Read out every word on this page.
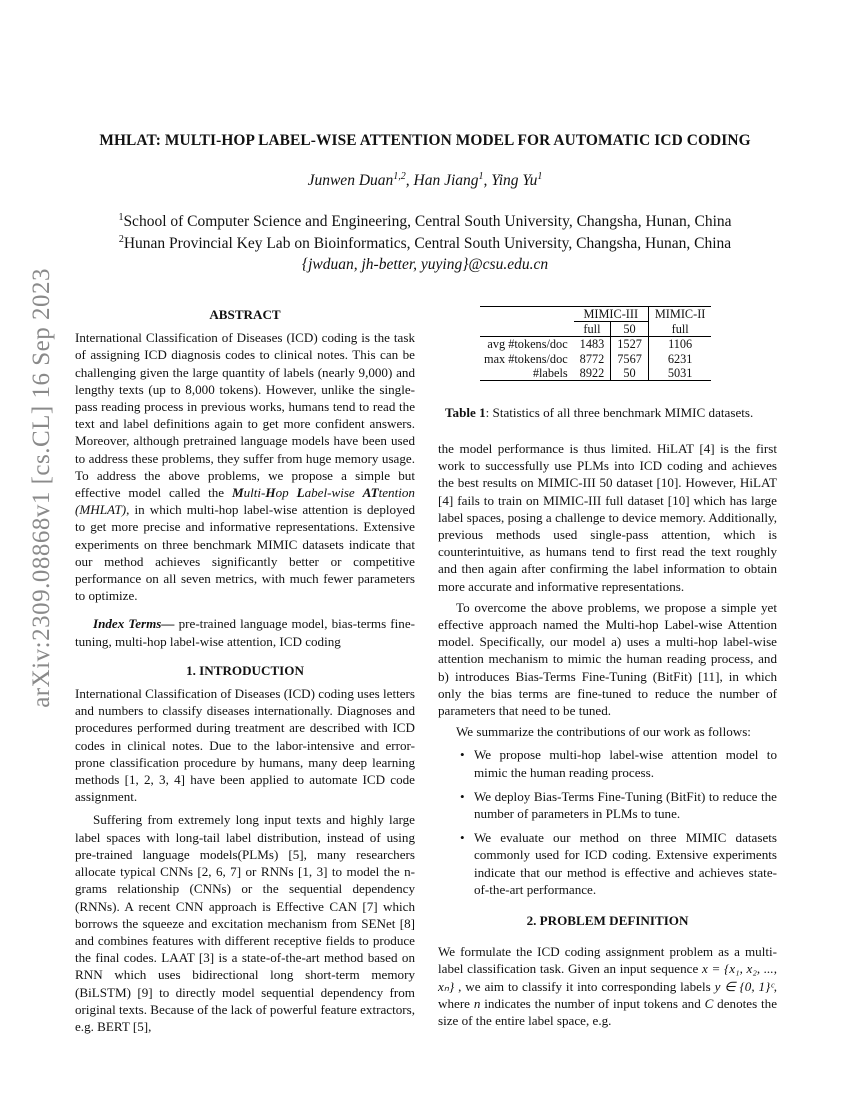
arXiv:2309.08868v1 [cs.CL] 16 Sep 2023
MHLAT: MULTI-HOP LABEL-WISE ATTENTION MODEL FOR AUTOMATIC ICD CODING
Junwen Duan$^{1,2}$, Han Jiang$^1$, Ying Yu$^1$
$^1$School of Computer Science and Engineering, Central South University, Changsha, Hunan, China
$^2$Hunan Provincial Key Lab on Bioinformatics, Central South University, Changsha, Hunan, China
{jwduan, jh-better, yuying}@csu.edu.cn

ABSTRACT

International Classification of Diseases (ICD) coding is the task of assigning ICD diagnosis codes to clinical notes. This can be challenging given the large quantity of labels (nearly 9,000) and lengthy texts (up to 8,000 tokens). However, unlike the single-pass reading process in previous works, humans tend to read the text and label definitions again to get more confident answers. Moreover, although pretrained language models have been used to address these problems, they suffer from huge memory usage. To address the above problems, we propose a simple but effective model called the Multi-Hop Label-wise ATtention (MHLAT), in which multi-hop label-wise attention is deployed to get more precise and informative representations. Extensive experiments on three benchmark MIMIC datasets indicate that our method achieves significantly better or competitive performance on all seven metrics, with much fewer parameters to optimize.

Index Terms— pre-trained language model, bias-terms fine-tuning, multi-hop label-wise attention, ICD coding

1. INTRODUCTION

International Classification of Diseases (ICD) coding uses letters and numbers to classify diseases internationally. Diagnoses and procedures performed during treatment are described with ICD codes in clinical notes. Due to the labor-intensive and error-prone classification procedure by humans, many deep learning methods [1, 2, 3, 4] have been applied to automate ICD code assignment.

Suffering from extremely long input texts and highly large label spaces with long-tail label distribution, instead of using pre-trained language models(PLMs) [5], many researchers allocate typical CNNs [2, 6, 7] or RNNs [1, 3] to model the n-grams relationship (CNNs) or the sequential dependency (RNNs). A recent CNN approach is Effective CAN [7] which borrows the squeeze and excitation mechanism from SENet [8] and combines features with different receptive fields to produce the final codes. LAAT [3] is a state-of-the-art method based on RNN which uses bidirectional long short-term memory (BiLSTM) [9] to directly model sequential dependency from original texts. Because of the lack of powerful feature extractors, e.g. BERT [5],

	MIMIC-III		MIMIC-II
	full	50	full
avg #tokens/doc	1483	1527	1106
max #tokens/doc	8772	7567	6231
#labels	8922	50	5031
Table 1: Statistics of all three benchmark MIMIC datasets.

the model performance is thus limited. HiLAT [4] is the first work to successfully use PLMs into ICD coding and achieves the best results on MIMIC-III 50 dataset [10]. However, HiLAT [4] fails to train on MIMIC-III full dataset [10] which has large label spaces, posing a challenge to device memory. Additionally, previous methods used single-pass attention, which is counterintuitive, as humans tend to first read the text roughly and then again after confirming the label information to obtain more accurate and informative representations.

To overcome the above problems, we propose a simple yet effective approach named the Multi-hop Label-wise Attention model. Specifically, our model a) uses a multi-hop label-wise attention mechanism to mimic the human reading process, and b) introduces Bias-Terms Fine-Tuning (BitFit) [11], in which only the bias terms are fine-tuned to reduce the number of parameters that need to be tuned.

We summarize the contributions of our work as follows:

• We propose multi-hop label-wise attention model to mimic the human reading process.
• We deploy Bias-Terms Fine-Tuning (BitFit) to reduce the number of parameters in PLMs to tune.
• We evaluate our method on three MIMIC datasets commonly used for ICD coding. Extensive experiments indicate that our method is effective and achieves state-of-the-art performance.

2. PROBLEM DEFINITION

We formulate the ICD coding assignment problem as a multi-label classification task. Given an input sequence x = {x₁, x₂, ..., xₙ} , we aim to classify it into corresponding labels y ∈ {0, 1}ᶜ, where n indicates the number of input tokens and C denotes the size of the entire label space, e.g.
